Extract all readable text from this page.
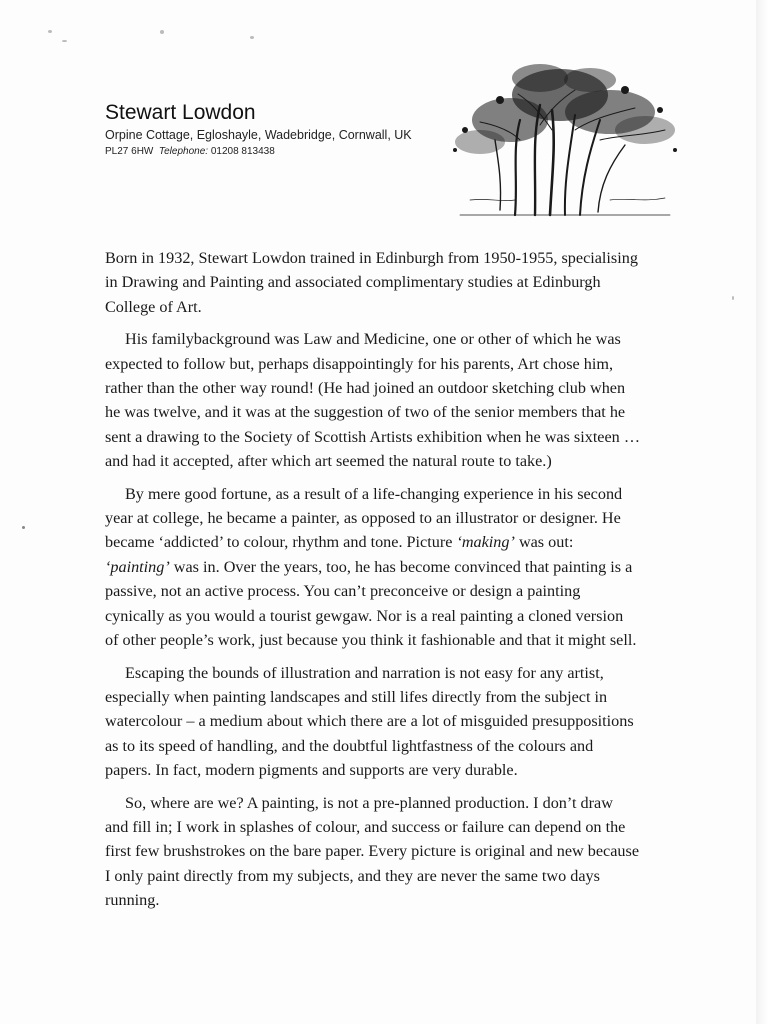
Stewart Lowdon

Orpine Cottage, Egloshayle, Wadebridge, Cornwall, UK

PL27 6HW Telephone: 01208 813438

Born in 1932, Stewart Lowdon trained in Edinburgh from 1950-1955, specialising in Drawing and Painting and associated complimentary studies at Edinburgh College of Art.

His familybackground was Law and Medicine, one or other of which he was expected to follow but, perhaps disappointingly for his parents, Art chose him, rather than the other way round! (He had joined an outdoor sketching club when he was twelve, and it was at the suggestion of two of the senior members that he sent a drawing to the Society of Scottish Artists exhibition when he was sixteen … and had it accepted, after which art seemed the natural route to take.)

By mere good fortune, as a result of a life-changing experience in his second year at college, he became a painter, as opposed to an illustrator or designer. He became ‘addicted’ to colour, rhythm and tone. Picture ‘making’ was out: ‘painting’ was in. Over the years, too, he has become convinced that painting is a passive, not an active process. You can’t preconceive or design a painting cynically as you would a tourist gewgaw. Nor is a real painting a cloned version of other people’s work, just because you think it fashionable and that it might sell.

Escaping the bounds of illustration and narration is not easy for any artist, especially when painting landscapes and still lifes directly from the subject in watercolour – a medium about which there are a lot of misguided presuppositions as to its speed of handling, and the doubtful lightfastness of the colours and papers. In fact, modern pigments and supports are very durable.

So, where are we? A painting, is not a pre-planned production. I don’t draw and fill in; I work in splashes of colour, and success or failure can depend on the first few brushstrokes on the bare paper. Every picture is original and new because I only paint directly from my subjects, and they are never the same two days running.
